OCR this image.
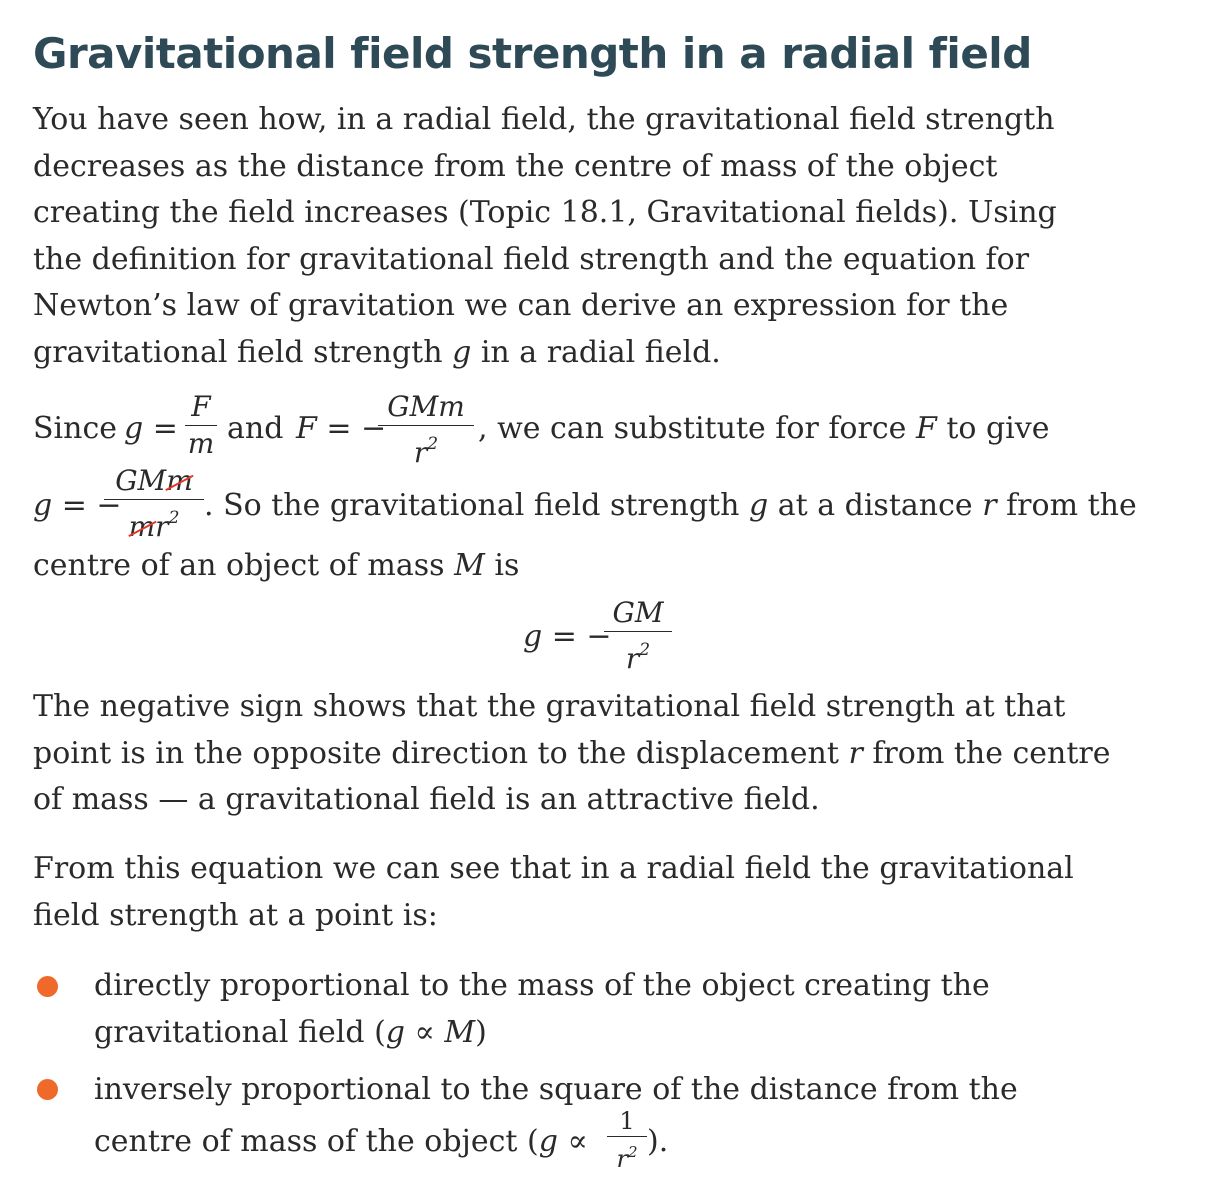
Gravitational field strength in a radial field

You have seen how, in a radial field, the gravitational field strength
decreases as the distance from the centre of mass of the object
creating the field increases (Topic 18.1, Gravitational fields). Using
the definition for gravitational field strength and the equation for
Newton’s law of gravitation we can derive an expression for the
gravitational field strength g in a radial field.

Since g =
F
m and F = −
GMm
$r^2$	, we can substitute for force F to give
g = −
GMm
$mr^2$ . So the gravitational field strength g at a distance r from the
centre of an object of mass M is
g = −
GM
$r^2$

The negative sign shows that the gravitational field strength at that
point is in the opposite direction to the displacement r from the centre
of mass — a gravitational field is an attractive field.

From this equation we can see that in a radial field the gravitational
field strength at a point is:

directly proportional to the mass of the object creating the
gravitational field (g ∝ M)

inversely proportional to the square of the distance from the
centre of mass of the object (g ∝
1
$r^2$ ).
